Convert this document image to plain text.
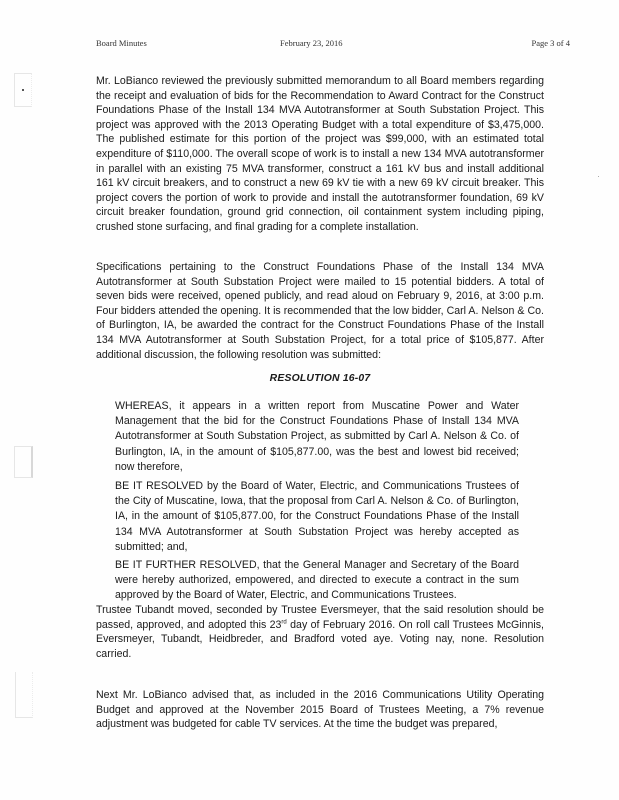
Board Minutes	February 23, 2016	Page 3 of 4

Mr. LoBianco reviewed the previously submitted memorandum to all Board members regarding the receipt and evaluation of bids for the Recommendation to Award Contract for the Construct Foundations Phase of the Install 134 MVA Autotransformer at South Substation Project. This project was approved with the 2013 Operating Budget with a total expenditure of $3,475,000. The published estimate for this portion of the project was $99,000, with an estimated total expenditure of $110,000. The overall scope of work is to install a new 134 MVA autotransformer in parallel with an existing 75 MVA transformer, construct a 161 kV bus and install additional 161 kV circuit breakers, and to construct a new 69 kV tie with a new 69 kV circuit breaker. This project covers the portion of work to provide and install the autotransformer foundation, 69 kV circuit breaker foundation, ground grid connection, oil containment system including piping, crushed stone surfacing, and final grading for a complete installation.

Specifications pertaining to the Construct Foundations Phase of the Install 134 MVA Autotransformer at South Substation Project were mailed to 15 potential bidders. A total of seven bids were received, opened publicly, and read aloud on February 9, 2016, at 3:00 p.m. Four bidders attended the opening. It is recommended that the low bidder, Carl A. Nelson & Co. of Burlington, IA, be awarded the contract for the Construct Foundations Phase of the Install 134 MVA Autotransformer at South Substation Project, for a total price of $105,877. After additional discussion, the following resolution was submitted:

RESOLUTION 16-07

WHEREAS, it appears in a written report from Muscatine Power and Water Management that the bid for the Construct Foundations Phase of Install 134 MVA Autotransformer at South Substation Project, as submitted by Carl A. Nelson & Co. of Burlington, IA, in the amount of $105,877.00, was the best and lowest bid received; now therefore,

BE IT RESOLVED by the Board of Water, Electric, and Communications Trustees of the City of Muscatine, Iowa, that the proposal from Carl A. Nelson & Co. of Burlington, IA, in the amount of $105,877.00, for the Construct Foundations Phase of the Install 134 MVA Autotransformer at South Substation Project was hereby accepted as submitted; and,

BE IT FURTHER RESOLVED, that the General Manager and Secretary of the Board were hereby authorized, empowered, and directed to execute a contract in the sum approved by the Board of Water, Electric, and Communications Trustees.

Trustee Tubandt moved, seconded by Trustee Eversmeyer, that the said resolution should be passed, approved, and adopted this 23rd day of February 2016. On roll call Trustees McGinnis, Eversmeyer, Tubandt, Heidbreder, and Bradford voted aye. Voting nay, none. Resolution carried.

Next Mr. LoBianco advised that, as included in the 2016 Communications Utility Operating Budget and approved at the November 2015 Board of Trustees Meeting, a 7% revenue adjustment was budgeted for cable TV services. At the time the budget was prepared,
